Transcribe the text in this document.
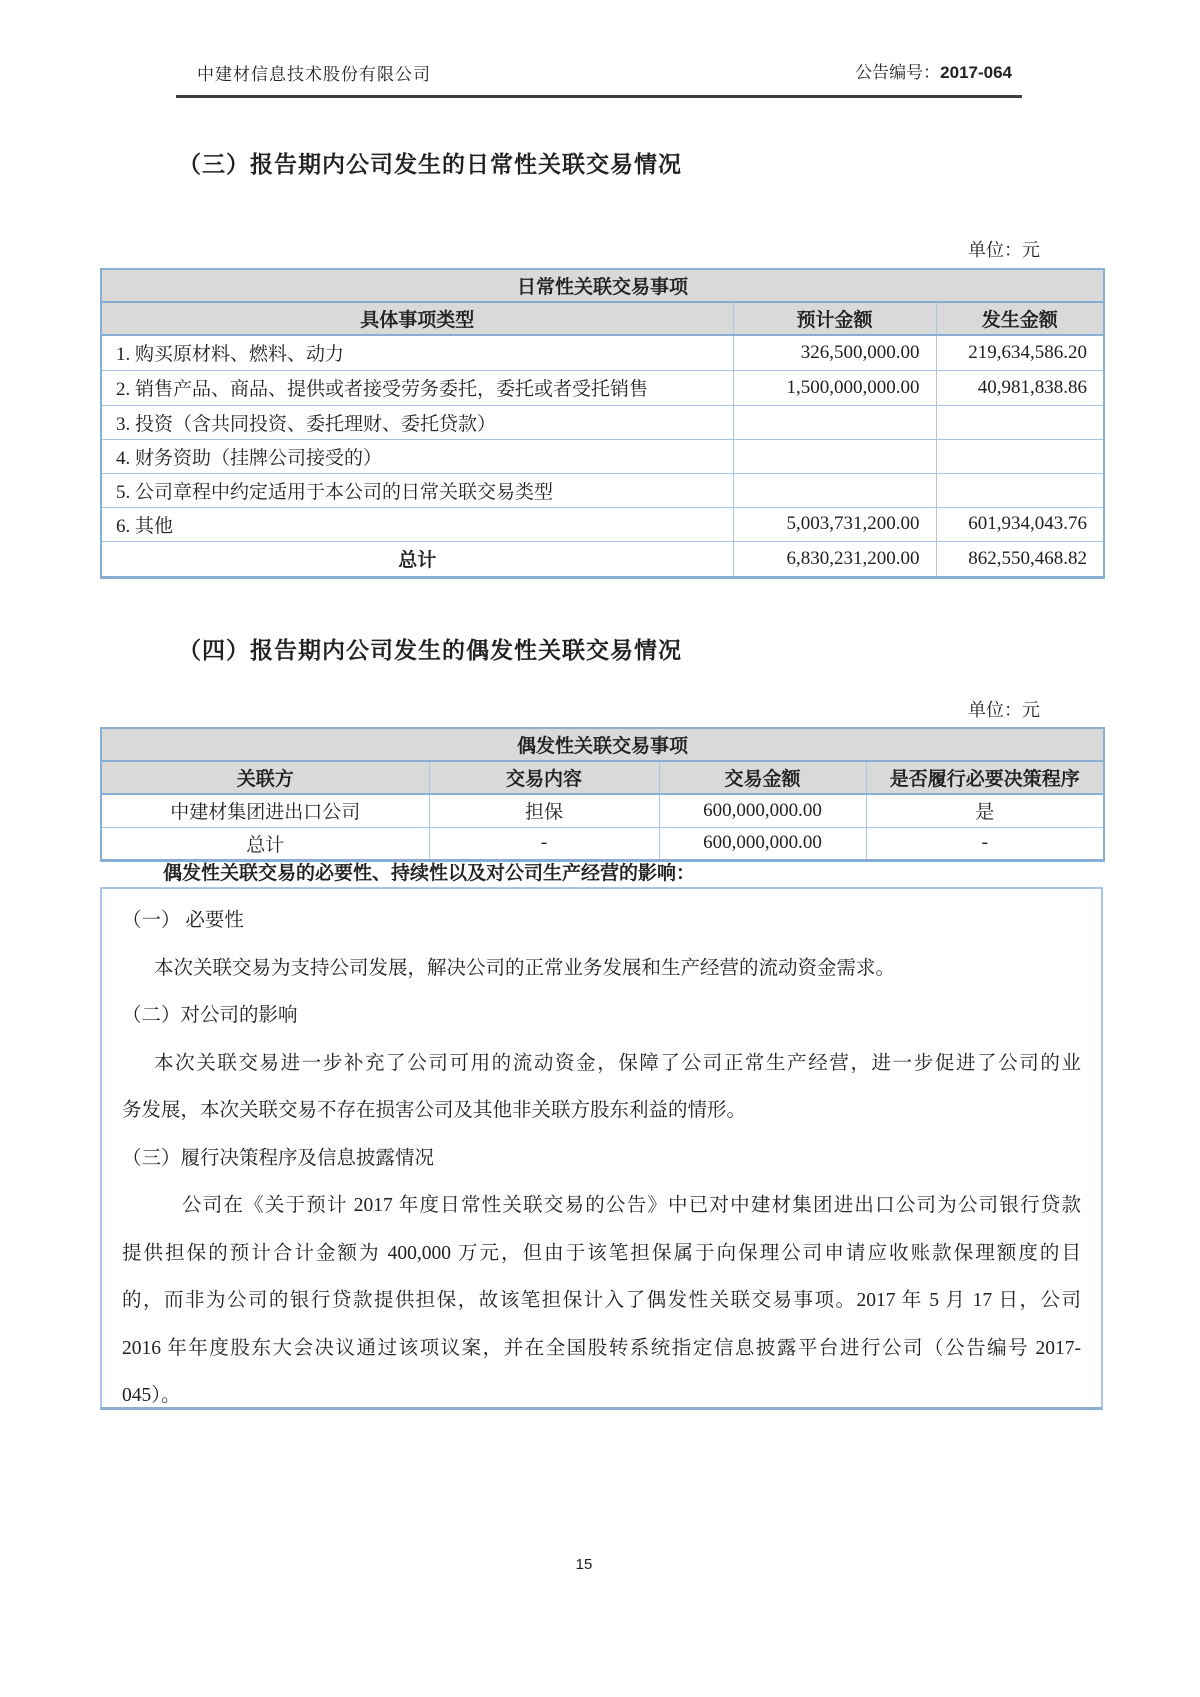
中建材信息技术股份有限公司	公告编号：2017-064
（三）报告期内公司发生的日常性关联交易情况
单位：元
日常性关联交易事项		
具体事项类型	预计金额	发生金额
1. 购买原材料、燃料、动力	326,500,000.00	219,634,586.20
2. 销售产品、商品、提供或者接受劳务委托，委托或者受托销售	1,500,000,000.00	40,981,838.86
3. 投资（含共同投资、委托理财、委托贷款）		
4. 财务资助（挂牌公司接受的）		
5. 公司章程中约定适用于本公司的日常关联交易类型		
6. 其他	5,003,731,200.00	601,934,043.76
总计	6,830,231,200.00	862,550,468.82
（四）报告期内公司发生的偶发性关联交易情况
单位：元
偶发性关联交易事项			
关联方	交易内容	交易金额	是否履行必要决策程序
中建材集团进出口公司	担保	600,000,000.00	是
总计	-	600,000,000.00	-
偶发性关联交易的必要性、持续性以及对公司生产经营的影响：
（一） 必要性
本次关联交易为支持公司发展，解决公司的正常业务发展和生产经营的流动资金需求。
（二）对公司的影响
本次关联交易进一步补充了公司可用的流动资金，保障了公司正常生产经营，进一步促进了公司的业
务发展，本次关联交易不存在损害公司及其他非关联方股东利益的情形。
（三）履行决策程序及信息披露情况
公司在《关于预计 2017 年度日常性关联交易的公告》中已对中建材集团进出口公司为公司银行贷款
提供担保的预计合计金额为 400,000 万元，但由于该笔担保属于向保理公司申请应收账款保理额度的目
的，而非为公司的银行贷款提供担保，故该笔担保计入了偶发性关联交易事项。2017 年 5 月 17 日，公司
2016 年年度股东大会决议通过该项议案，并在全国股转系统指定信息披露平台进行公司（公告编号 2017-
045）。
15
